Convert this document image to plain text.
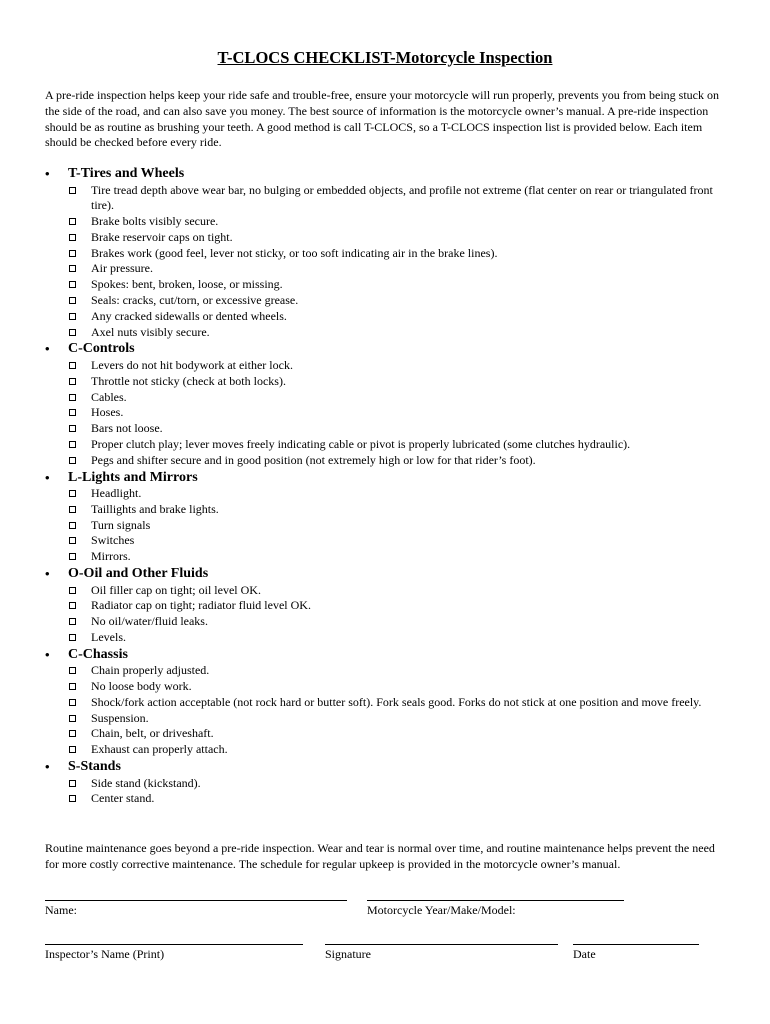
T-CLOCS CHECKLIST-Motorcycle Inspection
A pre-ride inspection helps keep your ride safe and trouble-free, ensure your motorcycle will run properly, prevents you from being stuck on the side of the road, and can also save you money. The best source of information is the motorcycle owner’s manual. A pre-ride inspection should be as routine as brushing your teeth. A good method is call T-CLOCS, so a T-CLOCS inspection list is provided below. Each item should be checked before every ride.
• T-Tires and Wheels
Tire tread depth above wear bar, no bulging or embedded objects, and profile not extreme (flat center on rear or triangulated front tire).
Brake bolts visibly secure.
Brake reservoir caps on tight.
Brakes work (good feel, lever not sticky, or too soft indicating air in the brake lines).
Air pressure.
Spokes: bent, broken, loose, or missing.
Seals: cracks, cut/torn, or excessive grease.
Any cracked sidewalls or dented wheels.
Axel nuts visibly secure.
• C-Controls
Levers do not hit bodywork at either lock.
Throttle not sticky (check at both locks).
Cables.
Hoses.
Bars not loose.
Proper clutch play; lever moves freely indicating cable or pivot is properly lubricated (some clutches hydraulic).
Pegs and shifter secure and in good position (not extremely high or low for that rider’s foot).
• L-Lights and Mirrors
Headlight.
Taillights and brake lights.
Turn signals
Switches
Mirrors.
• O-Oil and Other Fluids
Oil filler cap on tight; oil level OK.
Radiator cap on tight; radiator fluid level OK.
No oil/water/fluid leaks.
Levels.
• C-Chassis
Chain properly adjusted.
No loose body work.
Shock/fork action acceptable (not rock hard or butter soft). Fork seals good. Forks do not stick at one position and move freely.
Suspension.
Chain, belt, or driveshaft.
Exhaust can properly attach.
• S-Stands
Side stand (kickstand).
Center stand.
Routine maintenance goes beyond a pre-ride inspection. Wear and tear is normal over time, and routine maintenance helps prevent the need for more costly corrective maintenance. The schedule for regular upkeep is provided in the motorcycle owner’s manual.
Name:	Motorcycle Year/Make/Model:
Inspector’s Name (Print)	Signature	Date
